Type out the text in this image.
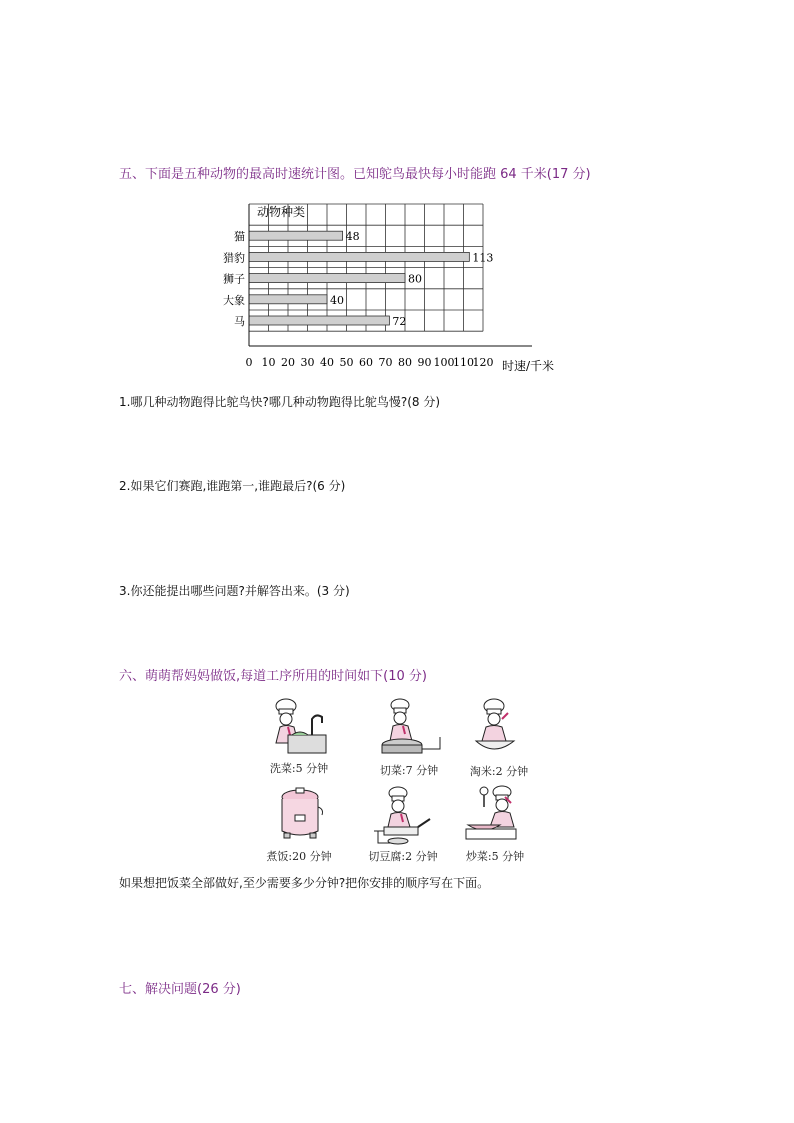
五、下面是五种动物的最高时速统计图。已知鸵鸟最快每小时能跑 64 千米(17 分)
48
113
80
40
72
猫
猎豹
狮子
大象
马
0 10 20 30 40 50 60 70 80 90 100
110
120
动物种类
时速/千米
1.哪几种动物跑得比鸵鸟快?哪几种动物跑得比鸵鸟慢?(8 分)
2.如果它们赛跑,谁跑第一,谁跑最后?(6 分)
3.你还能提出哪些问题?并解答出来。(3 分)
六、萌萌帮妈妈做饭,每道工序所用的时间如下(10 分)
洗菜:5 分钟	切菜:7 分钟	淘米:2 分钟
煮饭:20 分钟	切豆腐:2 分钟	炒菜:5 分钟
如果想把饭菜全部做好,至少需要多少分钟?把你安排的顺序写在下面。
七、解决问题(26 分)
